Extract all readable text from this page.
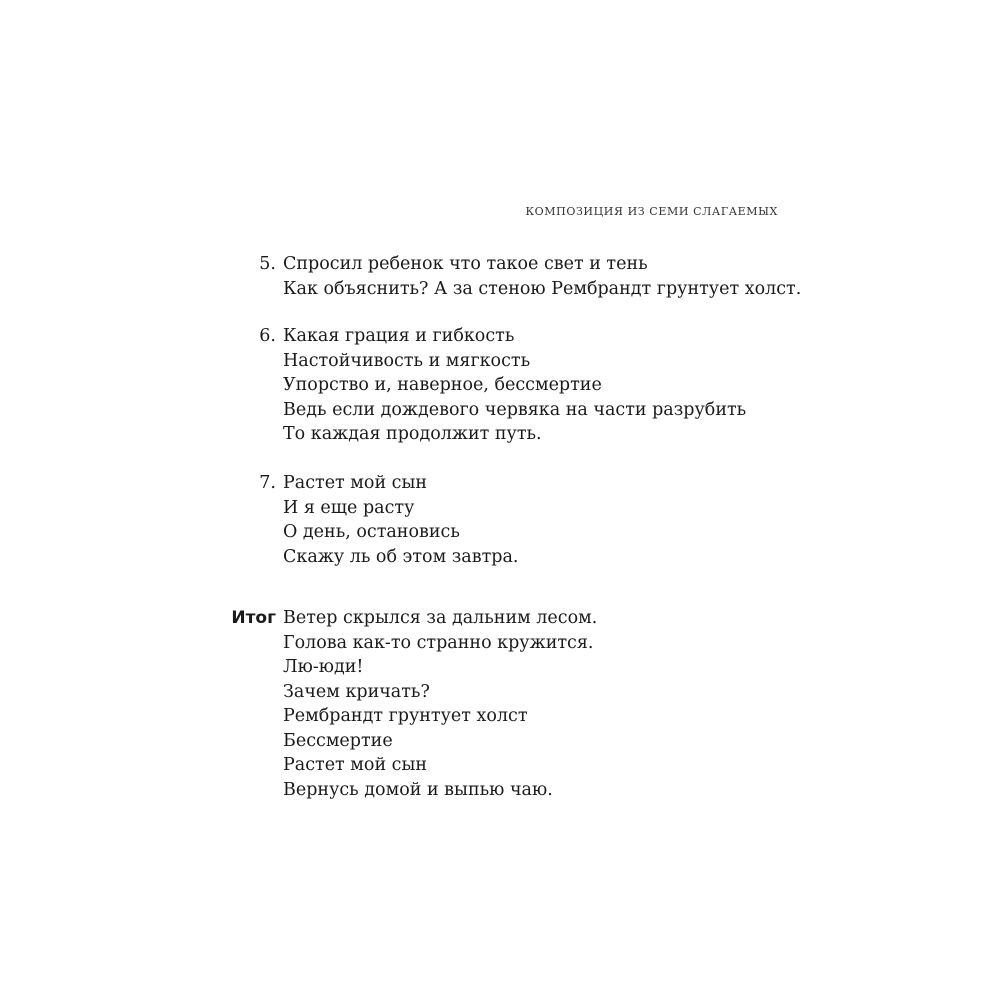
КОМПОЗИЦИЯ ИЗ СЕМИ СЛАГАЕМЫХ
5. Спросил ребенок что такое свет и тень
Как объяснить? А за стеною Рембрандт грунтует холст.
6. Какая грация и гибкость
Настойчивость и мягкость
Упорство и, наверное, бессмертие
Ведь если дождевого червяка на части разрубить
То каждая продолжит путь.
7. Растет мой сын
И я еще расту
О день, остановись
Скажу ль об этом завтра.
Итог Ветер скрылся за дальним лесом.
Голова как-то странно кружится.
Лю-юди!
Зачем кричать?
Рембрандт грунтует холст
Бессмертие
Растет мой сын
Вернусь домой и выпью чаю.
